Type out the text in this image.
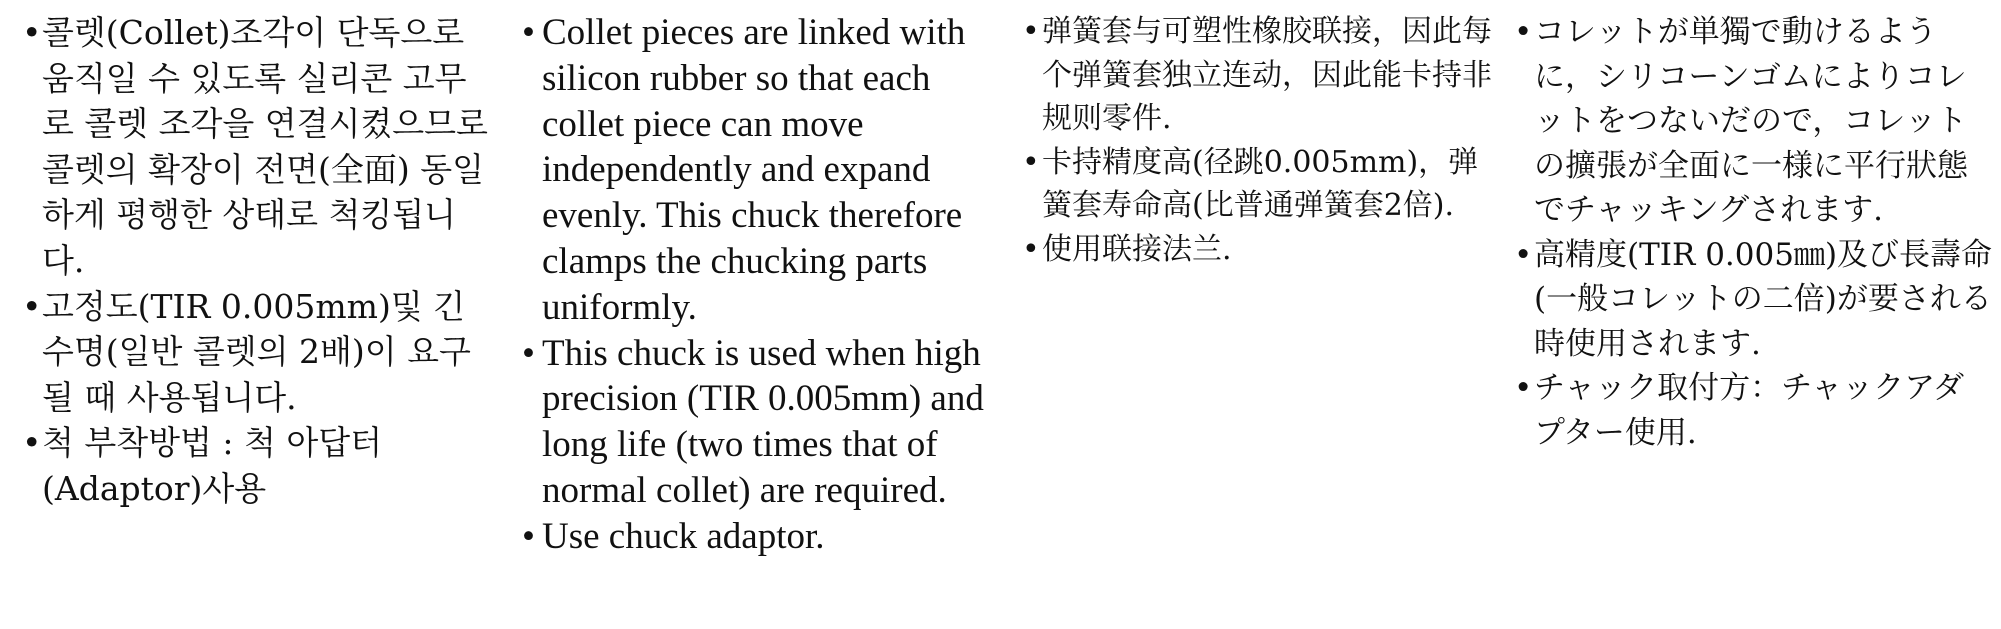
• 콜렛(Collet)조각이 단독으로 움직일 수 있도록 실리콘 고무로 콜렛 조각을 연결시켰으므로 콜렛의 확장이 전면(全面) 동일하게 평행한 상태로 척킹됩니다.
• 고정도(TIR 0.005mm)및 긴 수명(일반 콜렛의 2배)이 요구될 때 사용됩니다.
• 척 부착방법 : 척 아답터(Adaptor)사용
• Collet pieces are linked with silicon rubber so that each collet piece can move independently and expand evenly. This chuck therefore clamps the chucking parts uniformly.
• This chuck is used when high precision (TIR 0.005mm) and long life (two times that of normal collet) are required.
• Use chuck adaptor.
• 弹簧套与可塑性橡胶联接，因此每个弹簧套独立连动，因此能卡持非规则零件.
• 卡持精度高(径跳0.005mm)，弹簧套寿命高(比普通弹簧套2倍).
• 使用联接法兰.
• コレットが単獨で動けるように，シリコーンゴムによりコレットをつないだので，コレットの擴張が全面に一様に平行狀態でチャッキングされます.
• 高精度(TIR 0.005㎜)及び長壽命(一般コレットの二倍)が要される時使用されます.
• チャック取付方：チャックアダプター使用.
